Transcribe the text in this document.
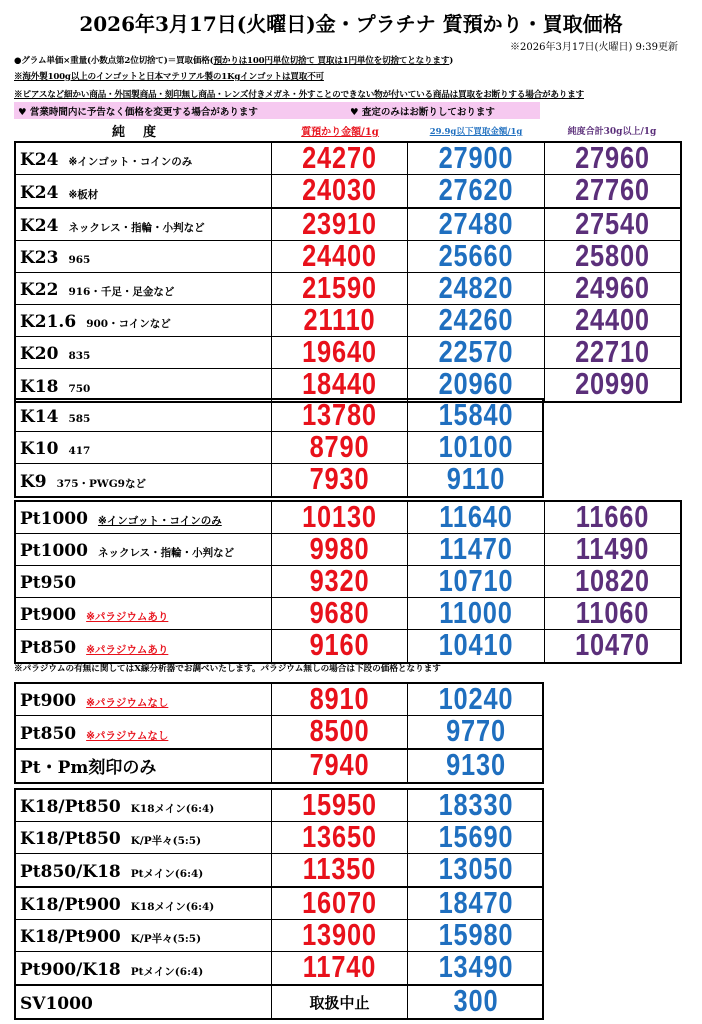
2026年3月17日(火曜日)金・プラチナ 質預かり・買取価格
※2026年3月17日(火曜日) 9:39更新
●グラム単価×重量(小数点第2位切捨て)＝買取価格(預かりは100円単位切捨て 買取は1円単位を切捨てとなります)
※海外製100g以上のインゴットと日本マテリアル製の1Kgインゴットは買取不可
※ピアスなど細かい商品・外国製商品・刻印無し商品・レンズ付きメガネ・外すことのできない物が付いている商品は買取をお断りする場合があります
♥ 営業時間内に予告なく価格を変更する場合があります	♥ 査定のみはお断りしております
純度	質預かり金額/1g	29.9g以下買取金額/1g	純度合計30g以上/1g
K24 ※インゴット・コインのみ	24270	27900	27960
K24 ※板材	24030	27620	27760
K24 ネックレス・指輪・小判など	23910	27480	27540
K23 965	24400	25660	25800
K22 916・千足・足金など	21590	24820	24960
K21.6 900・コインなど	21110	24260	24400
K20 835	19640	22570	22710
K18 750	18440	20960	20990
K14 585	13780	15840
K10 417	8790	10100
K9 375・PWG9など	7930	9110
Pt1000 ※インゴット・コインのみ	10130	11640	11660
Pt1000 ネックレス・指輪・小判など	9980	11470	11490
Pt950	9320	10710	10820
Pt900 ※パラジウムあり	9680	11000	11060
Pt850 ※パラジウムあり	9160	10410	10470
Pt900 ※パラジウムなし	8910	10240
Pt850 ※パラジウムなし	8500	9770
Pt・Pm刻印のみ	7940	9130
K18/Pt850 K18メイン(6:4)	15950	18330
K18/Pt850 K/P半々(5:5)	13650	15690
Pt850/K18 Ptメイン(6:4)	11350	13050
K18/Pt900 K18メイン(6:4)	16070	18470
K18/Pt900 K/P半々(5:5)	13900	15980
Pt900/K18 Ptメイン(6:4)	11740	13490
SV1000	取扱中止	300
※パラジウムの有無に関してはX線分析器でお調べいたします。パラジウム無しの場合は下段の価格となります
